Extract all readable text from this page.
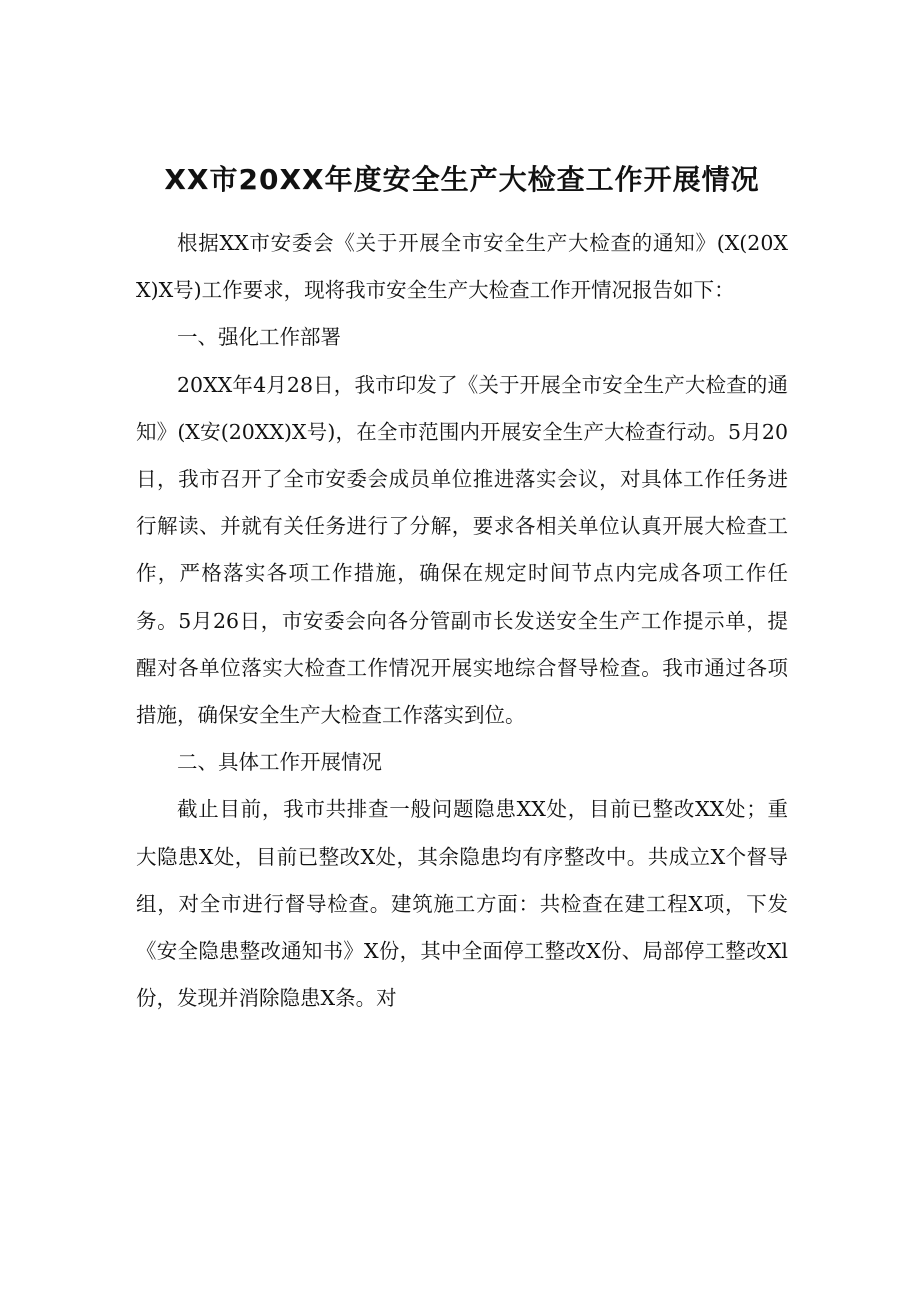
XX市20XX年度安全生产大检查工作开展情况

根据XX市安委会《关于开展全市安全生产大检查的通知》(X(20XX)X号)工作要求，现将我市安全生产大检查工作开情况报告如下：

一、强化工作部署

20XX年4月28日，我市印发了《关于开展全市安全生产大检查的通知》(X安(20XX)X号)，在全市范围内开展安全生产大检查行动。5月20日，我市召开了全市安委会成员单位推进落实会议，对具体工作任务进行解读、并就有关任务进行了分解，要求各相关单位认真开展大检查工作，严格落实各项工作措施，确保在规定时间节点内完成各项工作任务。5月26日，市安委会向各分管副市长发送安全生产工作提示单，提醒对各单位落实大检查工作情况开展实地综合督导检查。我市通过各项措施，确保安全生产大检查工作落实到位。

二、具体工作开展情况

截止目前，我市共排查一般问题隐患XX处，目前已整改XX处；重大隐患X处，目前已整改X处，其余隐患均有序整改中。共成立X个督导组，对全市进行督导检查。建筑施工方面：共检查在建工程X项，下发《安全隐患整改通知书》X份，其中全面停工整改X份、局部停工整改Xl份，发现并消除隐患X条。对
